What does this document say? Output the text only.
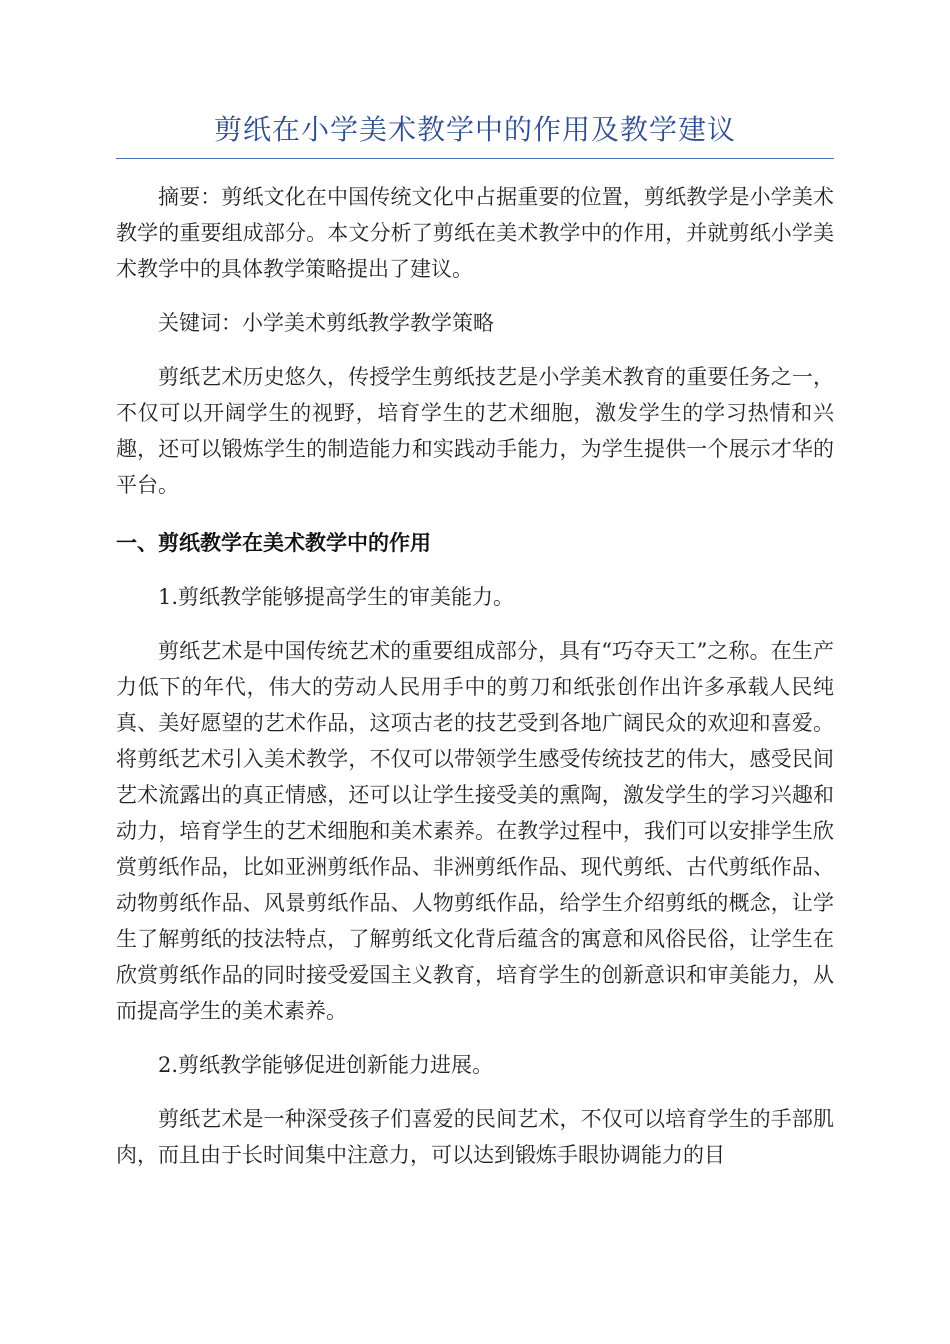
剪纸在小学美术教学中的作用及教学建议

摘要：剪纸文化在中国传统文化中占据重要的位置，剪纸教学是小学美术教学的重要组成部分。本文分析了剪纸在美术教学中的作用，并就剪纸小学美术教学中的具体教学策略提出了建议。

关键词：小学美术剪纸教学教学策略

剪纸艺术历史悠久，传授学生剪纸技艺是小学美术教育的重要任务之一，不仅可以开阔学生的视野，培育学生的艺术细胞，激发学生的学习热情和兴趣，还可以锻炼学生的制造能力和实践动手能力，为学生提供一个展示才华的平台。

一、剪纸教学在美术教学中的作用
1.剪纸教学能够提高学生的审美能力。

剪纸艺术是中国传统艺术的重要组成部分，具有“巧夺天工”之称。在生产力低下的年代，伟大的劳动人民用手中的剪刀和纸张创作出许多承载人民纯真、美好愿望的艺术作品，这项古老的技艺受到各地广阔民众的欢迎和喜爱。将剪纸艺术引入美术教学，不仅可以带领学生感受传统技艺的伟大，感受民间艺术流露出的真正情感，还可以让学生接受美的熏陶，激发学生的学习兴趣和动力，培育学生的艺术细胞和美术素养。在教学过程中，我们可以安排学生欣赏剪纸作品，比如亚洲剪纸作品、非洲剪纸作品、现代剪纸、古代剪纸作品、动物剪纸作品、风景剪纸作品、人物剪纸作品，给学生介绍剪纸的概念，让学生了解剪纸的技法特点，了解剪纸文化背后蕴含的寓意和风俗民俗，让学生在欣赏剪纸作品的同时接受爱国主义教育，培育学生的创新意识和审美能力，从而提高学生的美术素养。

2.剪纸教学能够促进创新能力进展。

剪纸艺术是一种深受孩子们喜爱的民间艺术，不仅可以培育学生的手部肌肉，而且由于长时间集中注意力，可以达到锻炼手眼协调能力的目
